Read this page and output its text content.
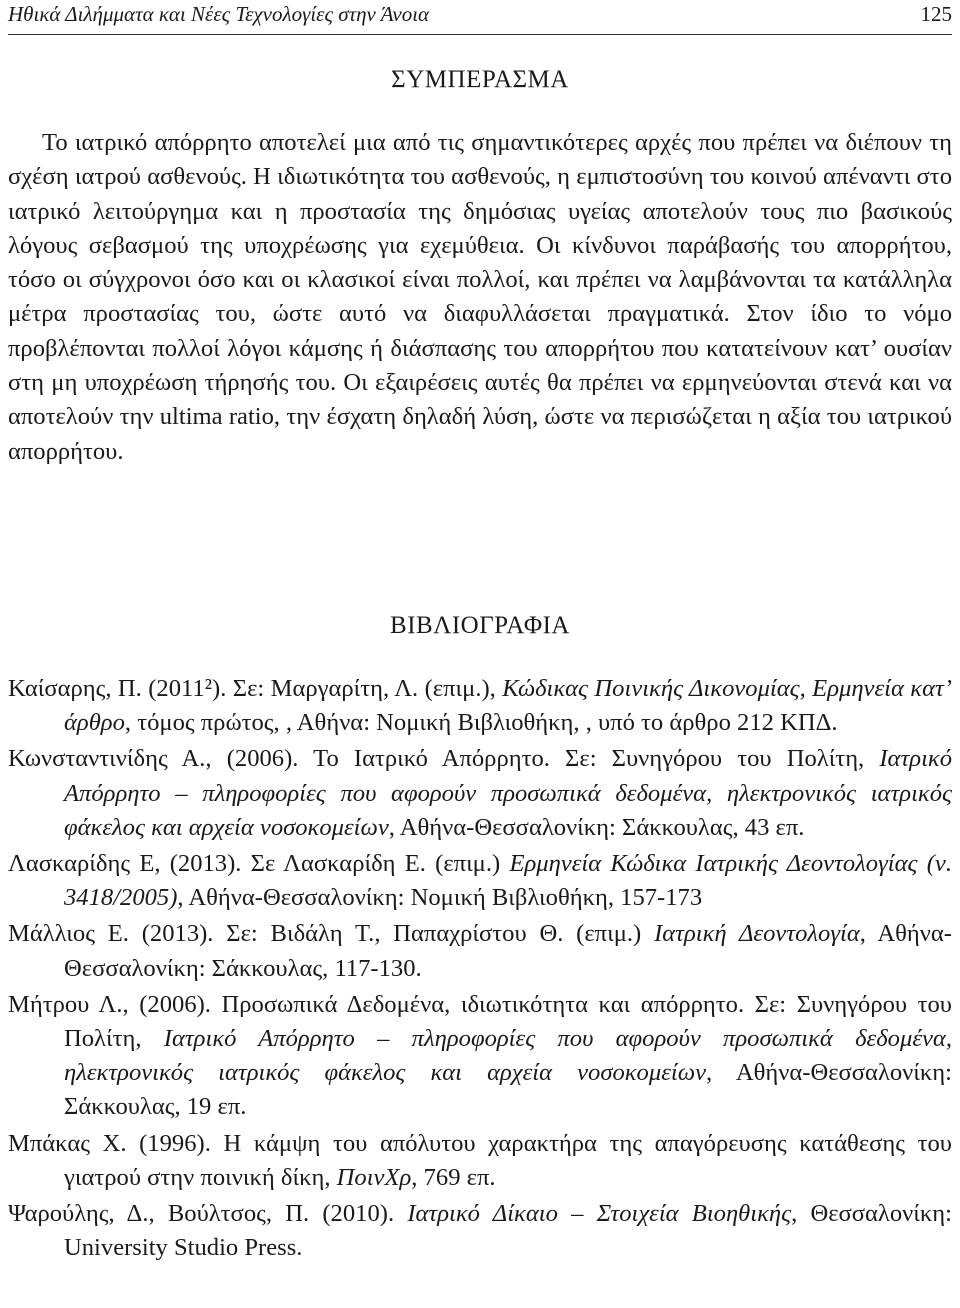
Ηθικά Διλήμματα και Νέες Τεχνολογίες στην Άνοια	125
ΣΥΜΠΕΡΑΣΜΑ

Το ιατρικό απόρρητο αποτελεί μια από τις σημαντικότερες αρχές που πρέπει να διέπουν τη σχέση ιατρού ασθενούς. Η ιδιωτικότητα του ασθενούς, η εμπιστοσύνη του κοινού απέναντι στο ιατρικό λειτούργημα και η προστασία της δημόσιας υγείας αποτελούν τους πιο βασικούς λόγους σεβασμού της υποχρέωσης για εχεμύθεια. Οι κίνδυνοι παράβασής του απορρήτου, τόσο οι σύγχρονοι όσο και οι κλασικοί είναι πολλοί, και πρέπει να λαμβάνονται τα κατάλληλα μέτρα προστασίας του, ώστε αυτό να διαφυλλάσεται πραγματικά. Στον ίδιο το νόμο προβλέπονται πολλοί λόγοι κάμσης ή διάσπασης του απορρήτου που κατατείνουν κατ’ ουσίαν στη μη υποχρέωση τήρησής του. Οι εξαιρέσεις αυτές θα πρέπει να ερμηνεύονται στενά και να αποτελούν την ultima ratio, την έσχατη δηλαδή λύση, ώστε να περισώζεται η αξία του ιατρικού απορρήτου.

ΒΙΒΛΙΟΓΡΑΦΙΑ
Καίσαρης, Π. (2011²). Σε: Μαργαρίτη, Λ. (επιμ.), Κώδικας Ποινικής Δικονομίας, Ερμηνεία κατ’ άρθρο, τόμος πρώτος, , Αθήνα: Νομική Βιβλιοθήκη, , υπό το άρθρο 212 ΚΠΔ.
Κωνσταντινίδης Α., (2006). Το Ιατρικό Απόρρητο. Σε: Συνηγόρου του Πολίτη, Ιατρικό Απόρρητο – πληροφορίες που αφορούν προσωπικά δεδομένα, ηλεκτρονικός ιατρικός φάκελος και αρχεία νοσοκομείων, Αθήνα-Θεσσαλονίκη: Σάκκουλας, 43 επ.
Λασκαρίδης Ε, (2013). Σε Λασκαρίδη Ε. (επιμ.) Ερμηνεία Κώδικα Ιατρικής Δεοντολογίας (ν. 3418/2005), Αθήνα-Θεσσαλονίκη: Νομική Βιβλιοθήκη, 157-173
Μάλλιος Ε. (2013). Σε: Βιδάλη Τ., Παπαχρίστου Θ. (επιμ.) Ιατρική Δεοντολογία, Αθήνα-Θεσσαλονίκη: Σάκκουλας, 117-130.
Μήτρου Λ., (2006). Προσωπικά Δεδομένα, ιδιωτικότητα και απόρρητο. Σε: Συνηγόρου του Πολίτη, Ιατρικό Απόρρητο – πληροφορίες που αφορούν προσωπικά δεδομένα, ηλεκτρονικός ιατρικός φάκελος και αρχεία νοσοκομείων, Αθήνα-Θεσσαλονίκη: Σάκκουλας, 19 επ.
Μπάκας Χ. (1996). Η κάμψη του απόλυτου χαρακτήρα της απαγόρευσης κατάθεσης του γιατρού στην ποινική δίκη, ΠοινΧρ, 769 επ.
Ψαρούλης, Δ., Βούλτσος, Π. (2010). Ιατρικό Δίκαιο – Στοιχεία Βιοηθικής, Θεσσαλονίκη: University Studio Press.
